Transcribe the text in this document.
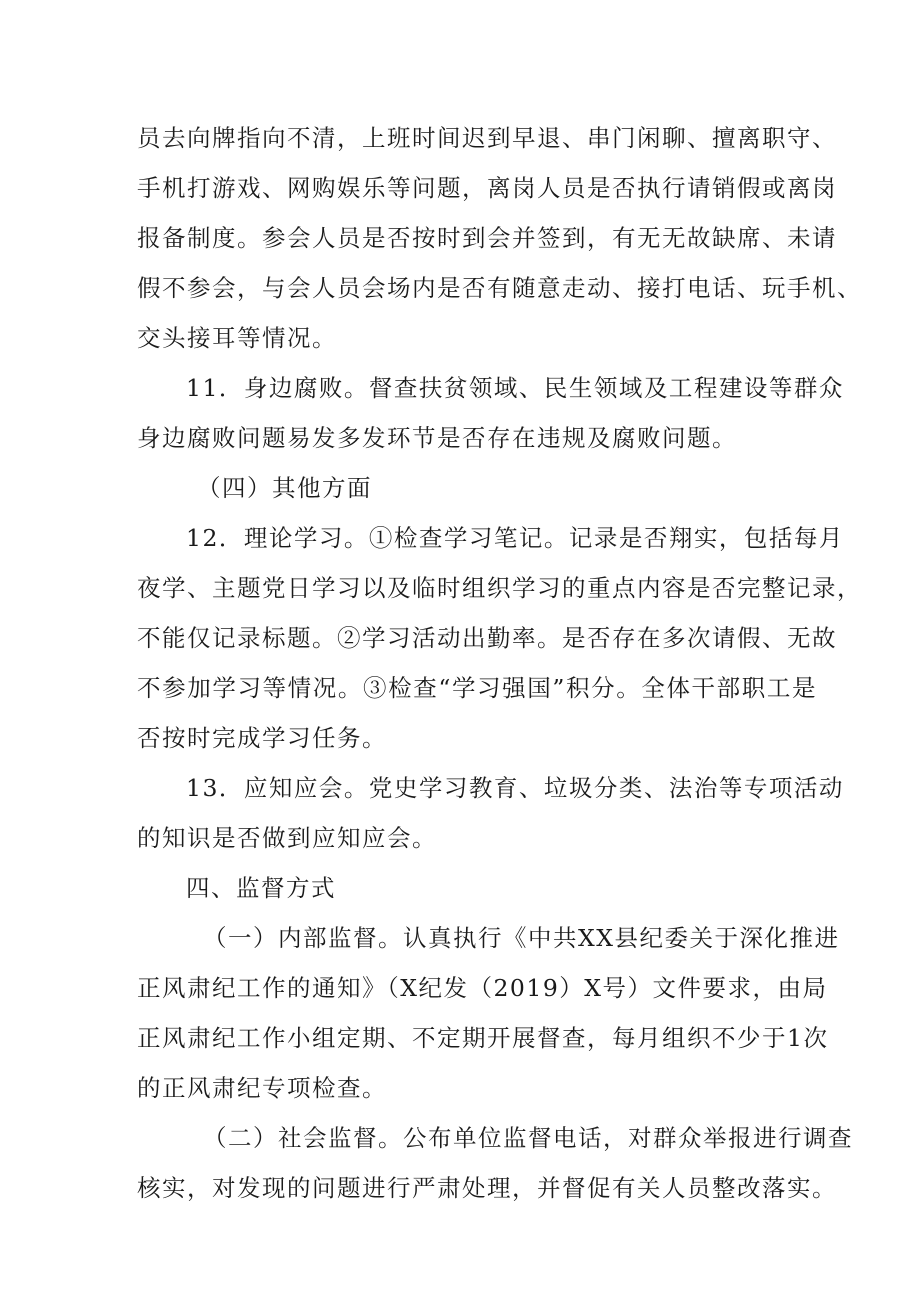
员去向牌指向不清，上班时间迟到早退、串门闲聊、擅离职守、
手机打游戏、网购娱乐等问题，离岗人员是否执行请销假或离岗
报备制度。参会人员是否按时到会并签到，有无无故缺席、未请
假不参会，与会人员会场内是否有随意走动、接打电话、玩手机、
交头接耳等情况。
11．身边腐败。督查扶贫领域、民生领域及工程建设等群众
身边腐败问题易发多发环节是否存在违规及腐败问题。
（四）其他方面
12．理论学习。①检查学习笔记。记录是否翔实，包括每月
夜学、主题党日学习以及临时组织学习的重点内容是否完整记录，
不能仅记录标题。②学习活动出勤率。是否存在多次请假、无故
不参加学习等情况。③检查“学习强国”积分。全体干部职工是
否按时完成学习任务。
13．应知应会。党史学习教育、垃圾分类、法治等专项活动
的知识是否做到应知应会。
四、监督方式
（一）内部监督。认真执行《中共XX县纪委关于深化推进
正风肃纪工作的通知》（X纪发（2019）X号）文件要求，由局
正风肃纪工作小组定期、不定期开展督查，每月组织不少于1次
的正风肃纪专项检查。
（二）社会监督。公布单位监督电话，对群众举报进行调查
核实，对发现的问题进行严肃处理，并督促有关人员整改落实。
